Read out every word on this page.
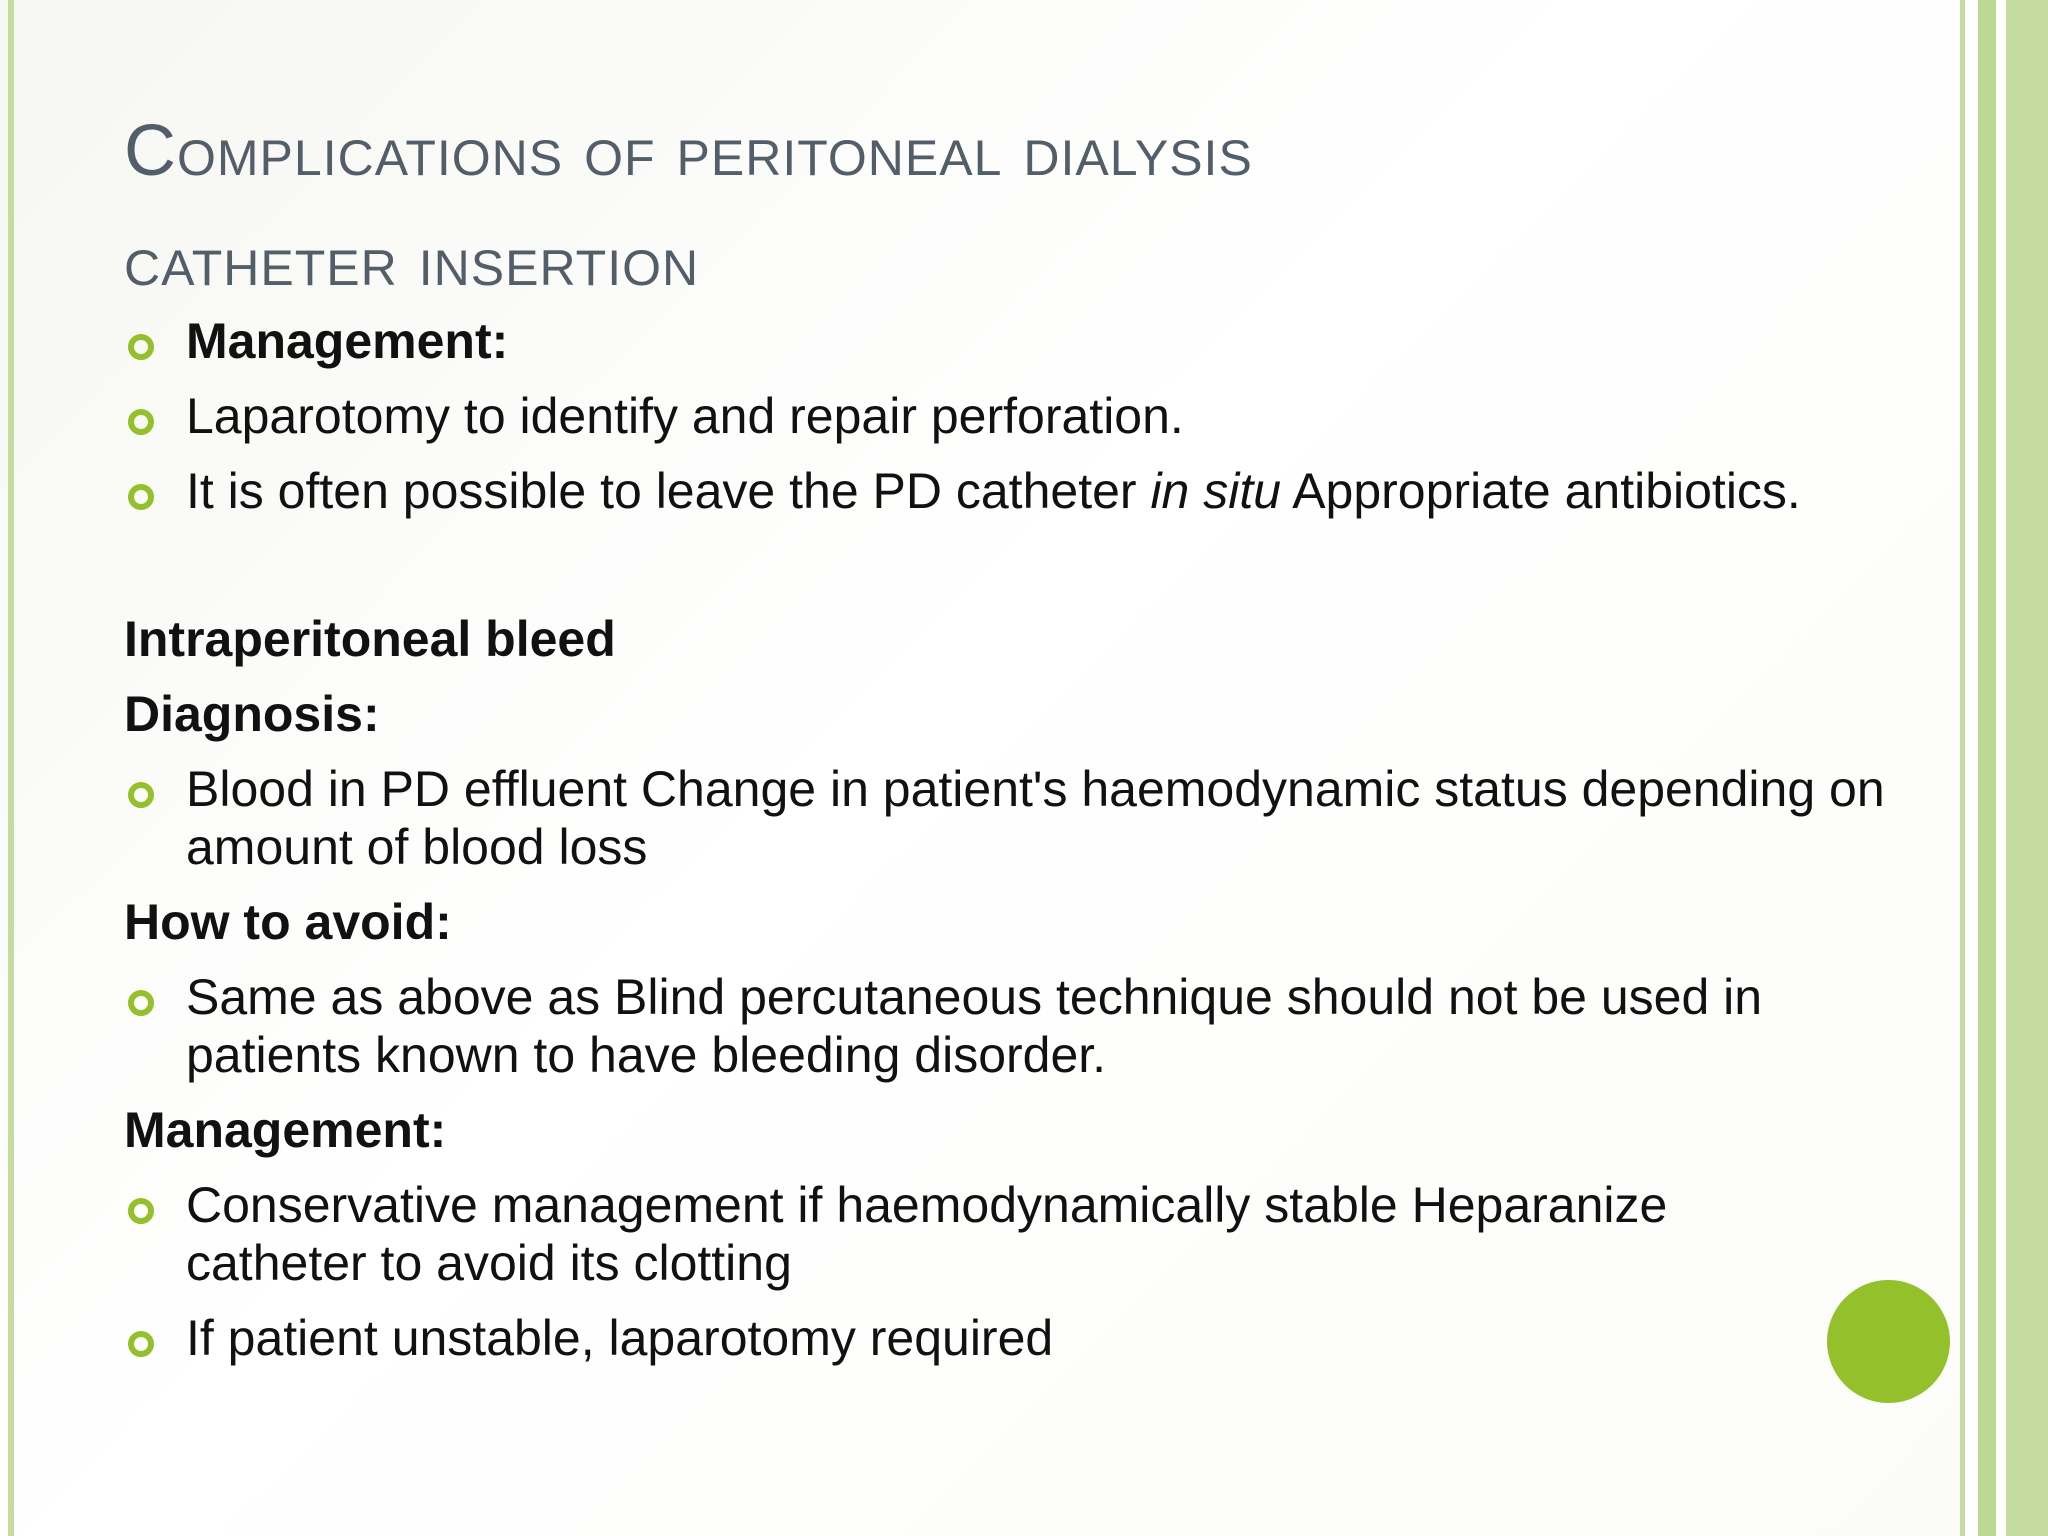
Complications of peritoneal dialysis
catheter insertion
Management:
Laparotomy to identify and repair perforation.
It is often possible to leave the PD catheter in situ Appropriate antibiotics.
Intraperitoneal bleed
Diagnosis:
Blood in PD effluent Change in patient's haemodynamic status depending on amount of blood loss
How to avoid:
Same as above as Blind percutaneous technique should not be used in patients known to have bleeding disorder.
Management:
Conservative management if haemodynamically stable Heparanize catheter to avoid its clotting
If patient unstable, laparotomy required
